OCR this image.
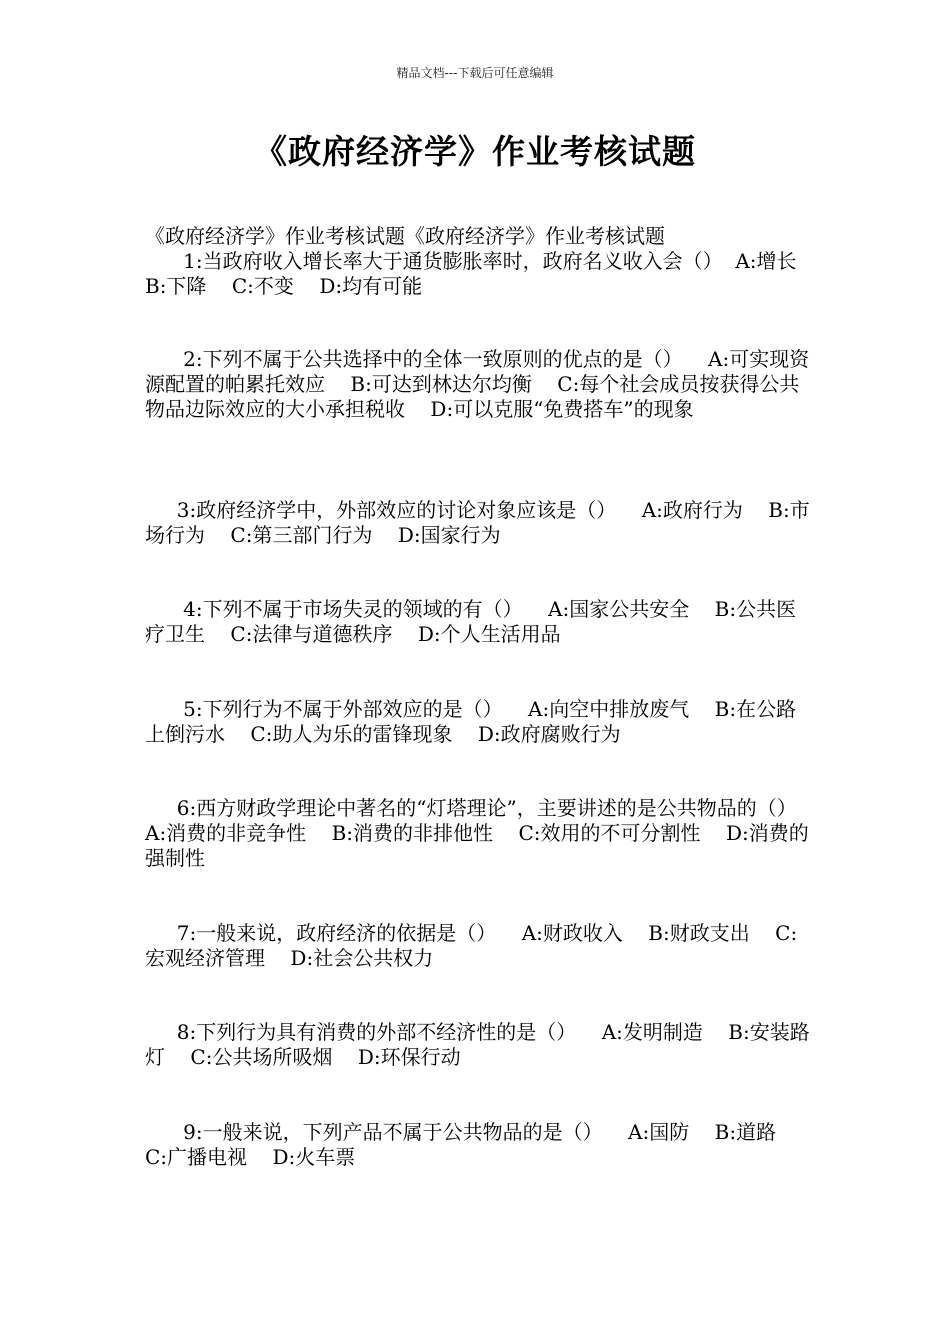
精品文档---下载后可任意编辑
《政府经济学》作业考核试题

《政府经济学》作业考核试题《政府经济学》作业考核试题

1:当政府收入增长率大于通货膨胀率时，政府名义收入会（）  A:增长    B:下降    C:不变    D:均有可能

2:下列不属于公共选择中的全体一致原则的优点的是（）    A:可实现资源配置的帕累托效应    B:可达到林达尔均衡    C:每个社会成员按获得公共物品边际效应的大小承担税收    D:可以克服“免费搭车”的现象

3:政府经济学中，外部效应的讨论对象应该是（）    A:政府行为    B:市场行为    C:第三部门行为    D:国家行为

4:下列不属于市场失灵的领域的有（）    A:国家公共安全    B:公共医疗卫生    C:法律与道德秩序    D:个人生活用品

5:下列行为不属于外部效应的是（）    A:向空中排放废气    B:在公路上倒污水    C:助人为乐的雷锋现象    D:政府腐败行为

6:西方财政学理论中著名的“灯塔理论”，主要讲述的是公共物品的（）    A:消费的非竞争性    B:消费的非排他性    C:效用的不可分割性    D:消费的强制性

7:一般来说，政府经济的依据是（）    A:财政收入    B:财政支出    C:宏观经济管理    D:社会公共权力

8:下列行为具有消费的外部不经济性的是（）    A:发明制造    B:安装路灯    C:公共场所吸烟    D:环保行动

9:一般来说，下列产品不属于公共物品的是（）    A:国防    B:道路    C:广播电视    D:火车票
